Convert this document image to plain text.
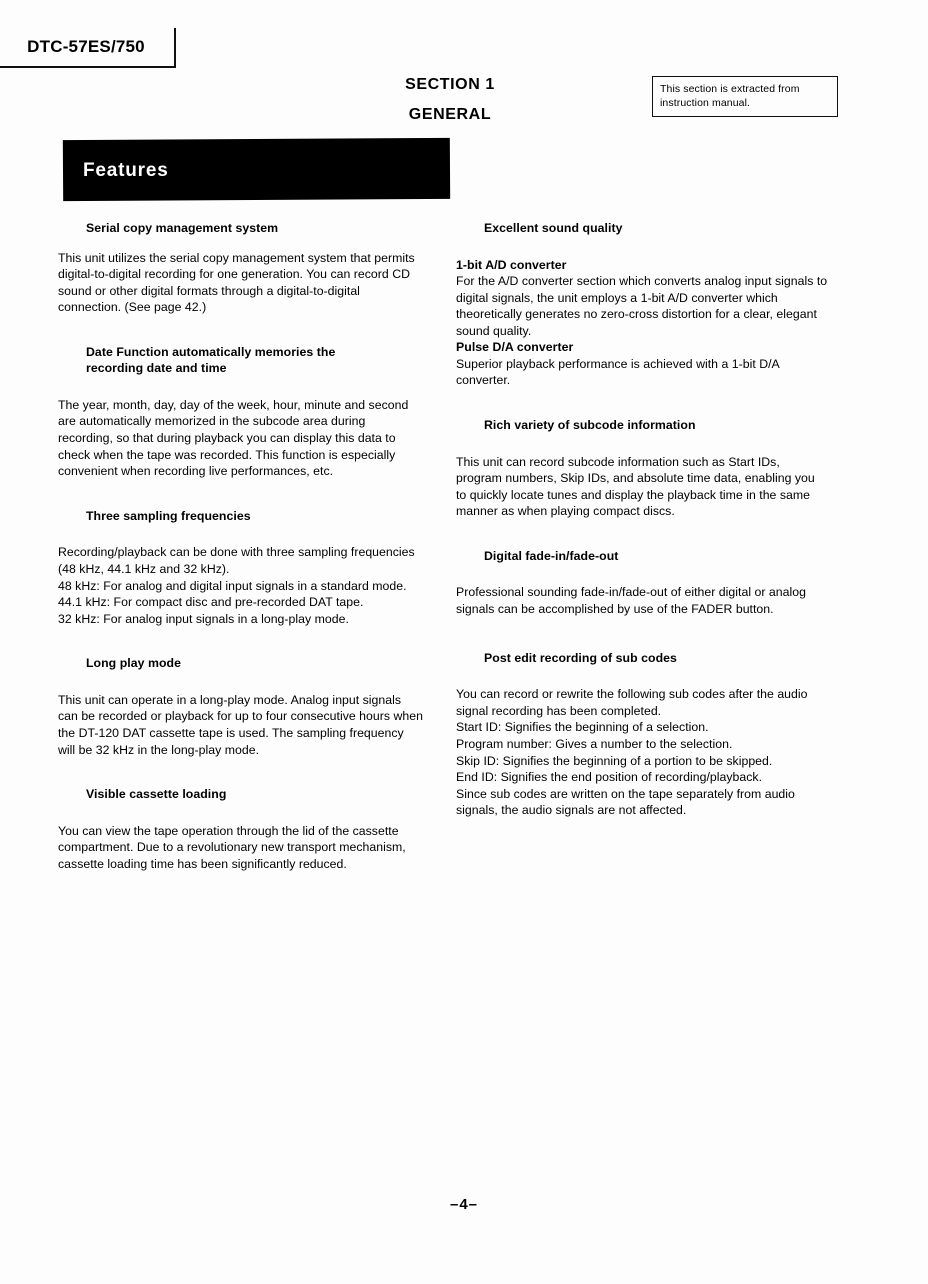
DTC-57ES/750
SECTION 1
GENERAL
This section is extracted from
instruction manual.
Features
Serial copy management system

This unit utilizes the serial copy management system that permits digital-to-digital recording for one generation. You can record CD sound or other digital formats through a digital-to-digital connection. (See page 42.)

Date Function automatically memories the
recording date and time

The year, month, day, day of the week, hour, minute and second are automatically memorized in the subcode area during recording, so that during playback you can display this data to check when the tape was recorded. This function is especially convenient when recording live performances, etc.

Three sampling frequencies

Recording/playback can be done with three sampling frequencies (48 kHz, 44.1 kHz and 32 kHz).

48 kHz: For analog and digital input signals in a standard mode.

44.1 kHz: For compact disc and pre-recorded DAT tape.

32 kHz: For analog input signals in a long-play mode.

Long play mode

This unit can operate in a long-play mode. Analog input signals can be recorded or playback for up to four consecutive hours when the DT-120 DAT cassette tape is used. The sampling frequency will be 32 kHz in the long-play mode.

Visible cassette loading

You can view the tape operation through the lid of the cassette compartment. Due to a revolutionary new transport mechanism, cassette loading time has been significantly reduced.

Excellent sound quality
1-bit A/D converter

For the A/D converter section which converts analog input signals to digital signals, the unit employs a 1-bit A/D converter which theoretically generates no zero-cross distortion for a clear, elegant sound quality.

Pulse D/A converter

Superior playback performance is achieved with a 1-bit D/A converter.

Rich variety of subcode information

This unit can record subcode information such as Start IDs, program numbers, Skip IDs, and absolute time data, enabling you to quickly locate tunes and display the playback time in the same manner as when playing compact discs.

Digital fade-in/fade-out

Professional sounding fade-in/fade-out of either digital or analog signals can be accomplished by use of the FADER button.

Post edit recording of sub codes

You can record or rewrite the following sub codes after the audio signal recording has been completed.

Start ID: Signifies the beginning of a selection.

Program number: Gives a number to the selection.

Skip ID: Signifies the beginning of a portion to be skipped.

End ID: Signifies the end position of recording/playback.

Since sub codes are written on the tape separately from audio signals, the audio signals are not affected.

–4–
